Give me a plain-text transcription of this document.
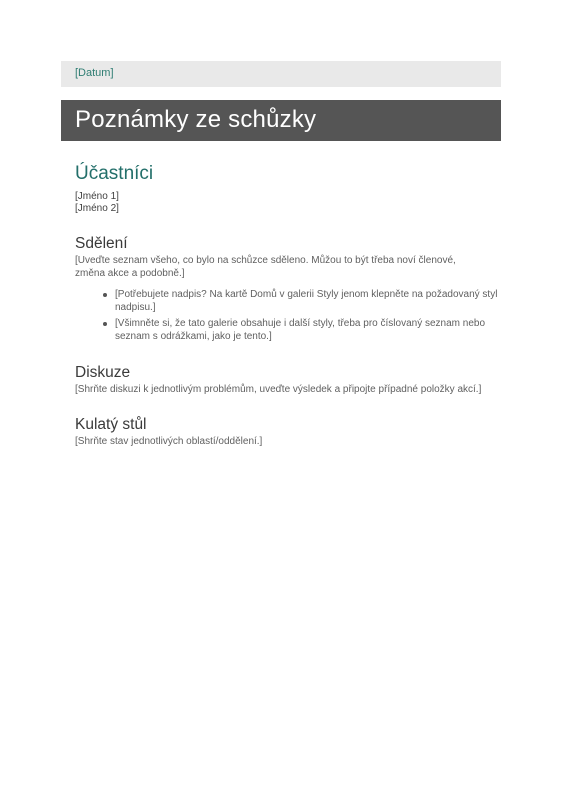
[Datum]
Poznámky ze schůzky
Účastníci
[Jméno 1]
[Jméno 2]
Sdělení
[Uveďte seznam všeho, co bylo na schůzce sděleno. Můžou to být třeba noví členové, změna akce a podobně.]
[Potřebujete nadpis? Na kartě Domů v galerii Styly jenom klepněte na požadovaný styl nadpisu.]
[Všimněte si, že tato galerie obsahuje i další styly, třeba pro číslovaný seznam nebo seznam s odrážkami, jako je tento.]
Diskuze
[Shrňte diskuzi k jednotlivým problémům, uveďte výsledek a připojte případné položky akcí.]
Kulatý stůl
[Shrňte stav jednotlivých oblastí/oddělení.]
